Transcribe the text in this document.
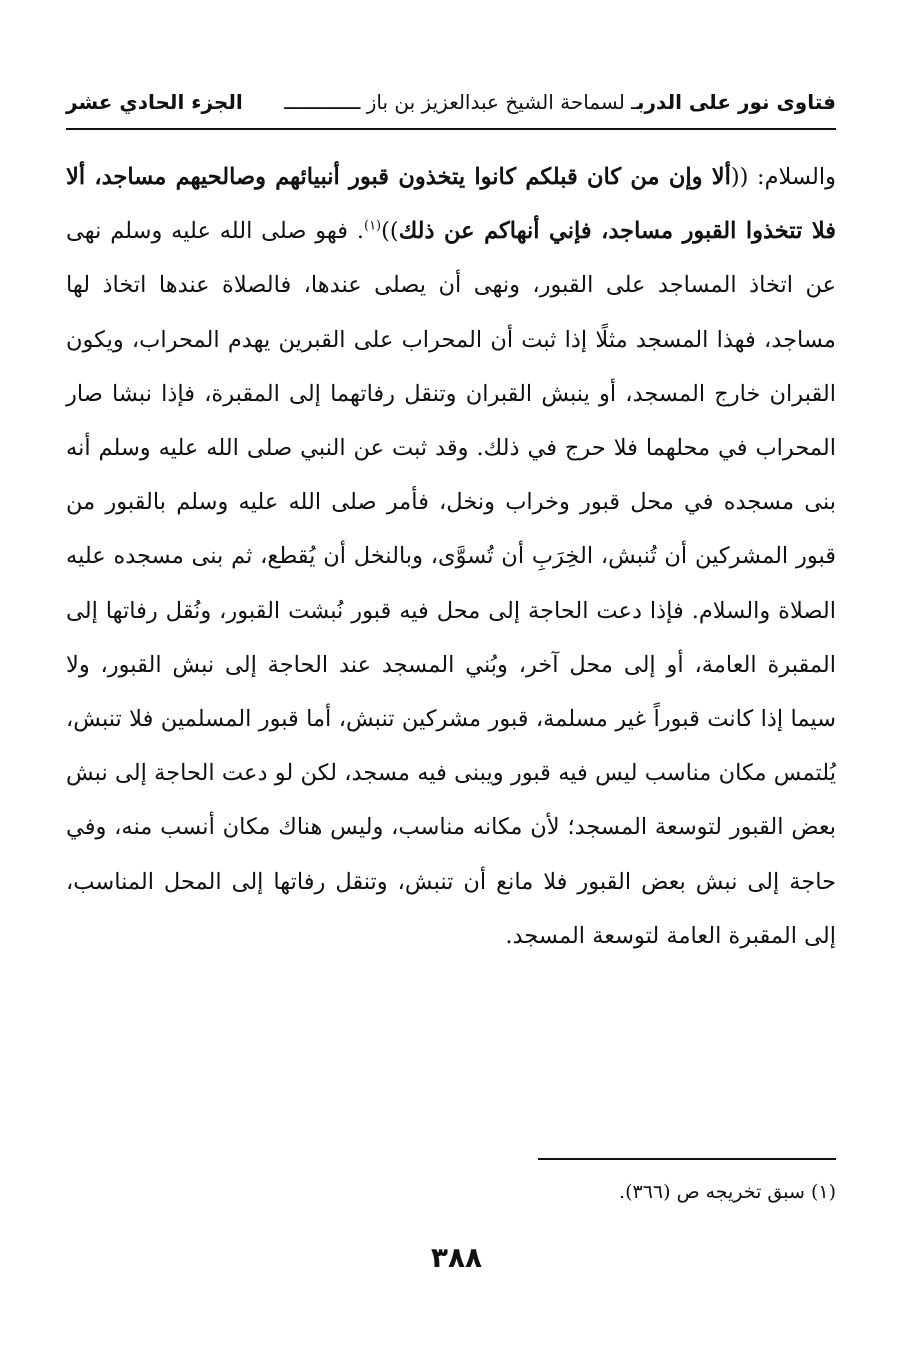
فتاوى نور على الدربـ لسماحة الشيخ عبدالعزيز بن باز ـــــــــــــ
الجزء الحادي عشر

والسلام: ((ألا وإن من كان قبلكم كانوا يتخذون قبور أنبيائهم وصالحيهم مساجد، ألا فلا تتخذوا القبور مساجد، فإني أنهاكم عن ذلك))$^{(١)}$. فهو صلى الله عليه وسلم نهى عن اتخاذ المساجد على القبور، ونهى أن يصلى عندها، فالصلاة عندها اتخاذ لها مساجد، فهذا المسجد مثلًا إذا ثبت أن المحراب على القبرين يهدم المحراب، ويكون القبران خارج المسجد، أو ينبش القبران وتنقل رفاتهما إلى المقبرة، فإذا نبشا صار المحراب في محلهما فلا حرج في ذلك. وقد ثبت عن النبي صلى الله عليه وسلم أنه بنى مسجده في محل قبور وخراب ونخل، فأمر صلى الله عليه وسلم بالقبور من قبور المشركين أن تُنبش، الخِرَبِ أن تُسوَّى، وبالنخل أن يُقطع، ثم بنى مسجده عليه الصلاة والسلام. فإذا دعت الحاجة إلى محل فيه قبور نُبشت القبور، ونُقل رفاتها إلى المقبرة العامة، أو إلى محل آخر، وبُني المسجد عند الحاجة إلى نبش القبور، ولا سيما إذا كانت قبوراً غير مسلمة، قبور مشركين تنبش، أما قبور المسلمين فلا تنبش، يُلتمس مكان مناسب ليس فيه قبور ويبنى فيه مسجد، لكن لو دعت الحاجة إلى نبش بعض القبور لتوسعة المسجد؛ لأن مكانه مناسب، وليس هناك مكان أنسب منه، وفي حاجة إلى نبش بعض القبور فلا مانع أن تنبش، وتنقل رفاتها إلى المحل المناسب، إلى المقبرة العامة لتوسعة المسجد.

(١) سبق تخريجه ص (٣٦٦).

٣٨٨
